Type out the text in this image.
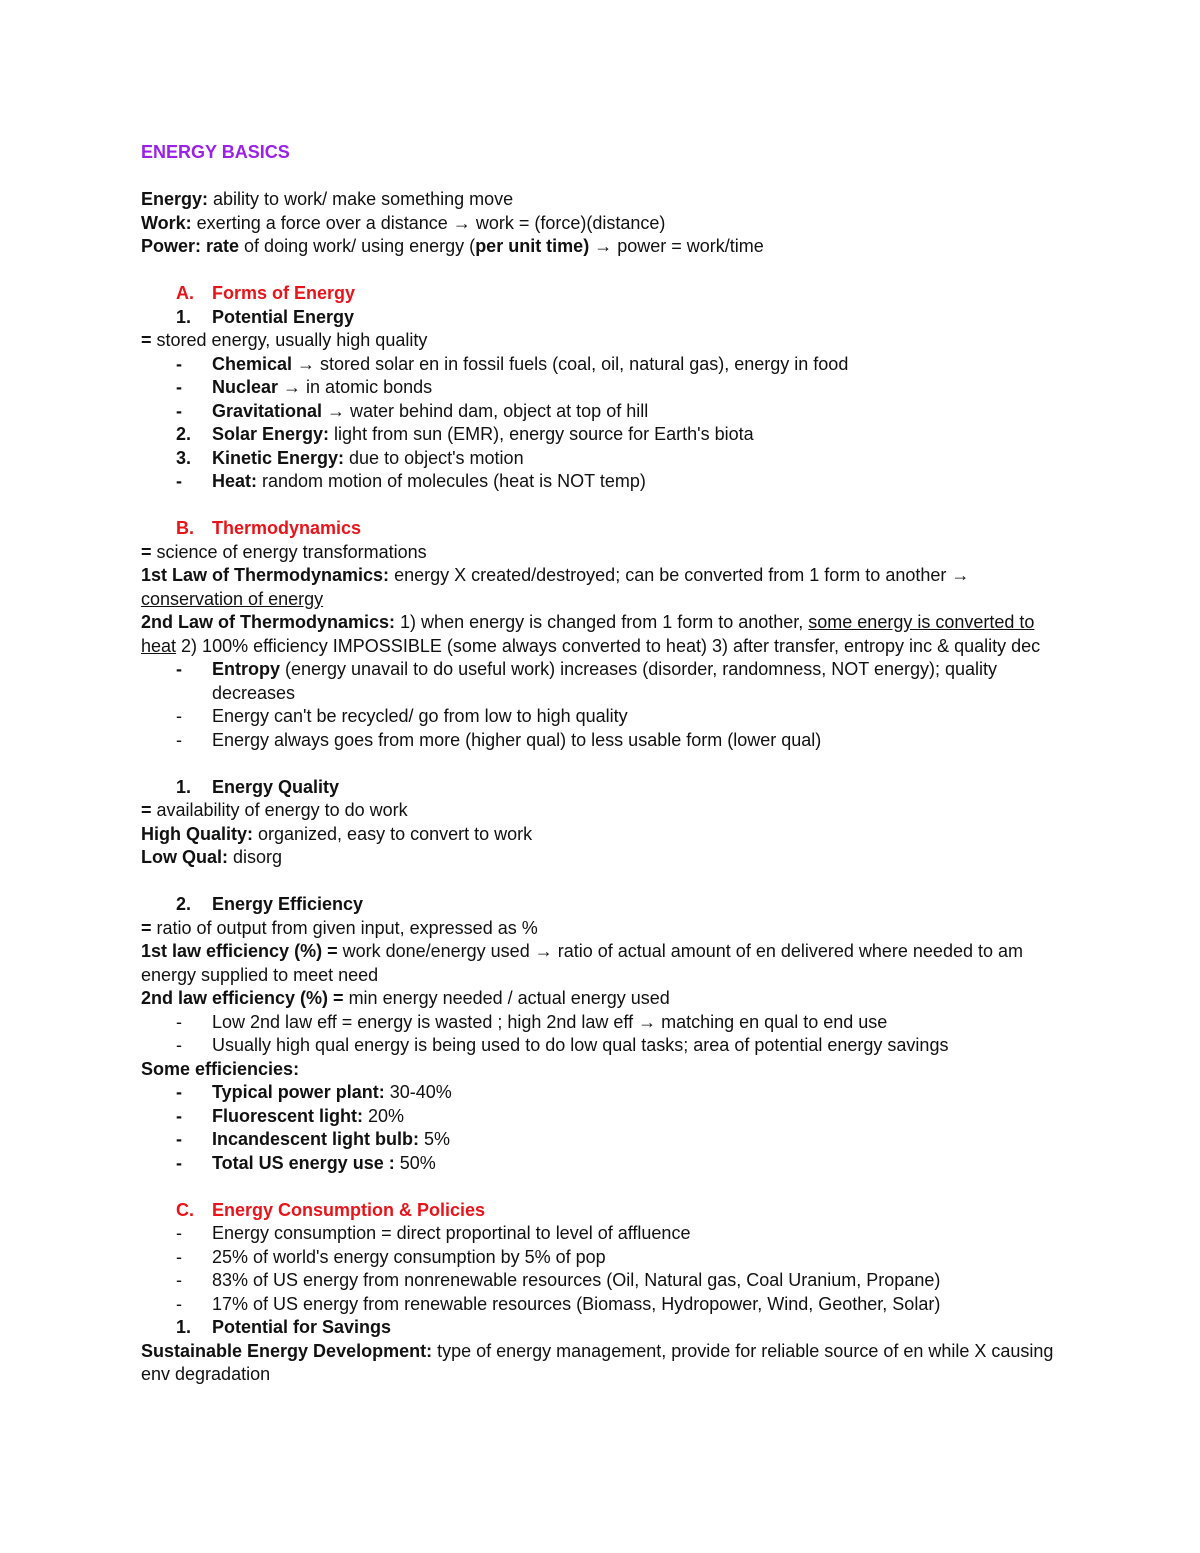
ENERGY BASICS
Energy: ability to work/ make something move
Work: exerting a force over a distance → work = (force)(distance)
Power: rate of doing work/ using energy (per unit time) → power = work/time
A.	Forms of Energy
1.	Potential Energy
= stored energy, usually high quality
-	Chemical → stored solar en in fossil fuels (coal, oil, natural gas), energy in food
-	Nuclear → in atomic bonds
-	Gravitational → water behind dam, object at top of hill
2.	Solar Energy: light from sun (EMR), energy source for Earth's biota
3.	Kinetic Energy: due to object's motion
-	Heat: random motion of molecules (heat is NOT temp)
B.	Thermodynamics
= science of energy transformations
1st Law of Thermodynamics: energy X created/destroyed; can be converted from 1 form to another → conservation of energy
2nd Law of Thermodynamics: 1) when energy is changed from 1 form to another, some energy is converted to heat 2) 100% efficiency IMPOSSIBLE (some always converted to heat) 3) after transfer, entropy inc & quality dec
-	Entropy (energy unavail to do useful work) increases (disorder, randomness, NOT energy); quality decreases
-	Energy can't be recycled/ go from low to high quality
-	Energy always goes from more (higher qual) to less usable form (lower qual)
1.	Energy Quality
= availability of energy to do work
High Quality: organized, easy to convert to work
Low Qual: disorg
2.	Energy Efficiency
= ratio of output from given input, expressed as %
1st law efficiency (%) = work done/energy used → ratio of actual amount of en delivered where needed to am energy supplied to meet need
2nd law efficiency (%) = min energy needed / actual energy used
-	Low 2nd law eff = energy is wasted ; high 2nd law eff → matching en qual to end use
-	Usually high qual energy is being used to do low qual tasks; area of potential energy savings
Some efficiencies:
-	Typical power plant: 30-40%
-	Fluorescent light: 20%
-	Incandescent light bulb: 5%
-	Total US energy use : 50%
C.	Energy Consumption & Policies
-	Energy consumption = direct proportinal to level of affluence
-	25% of world's energy consumption by 5% of pop
-	83% of US energy from nonrenewable resources (Oil, Natural gas, Coal Uranium, Propane)
-	17% of US energy from renewable resources (Biomass, Hydropower, Wind, Geother, Solar)
1.	Potential for Savings
Sustainable Energy Development: type of energy management, provide for reliable source of en while X causing env degradation
